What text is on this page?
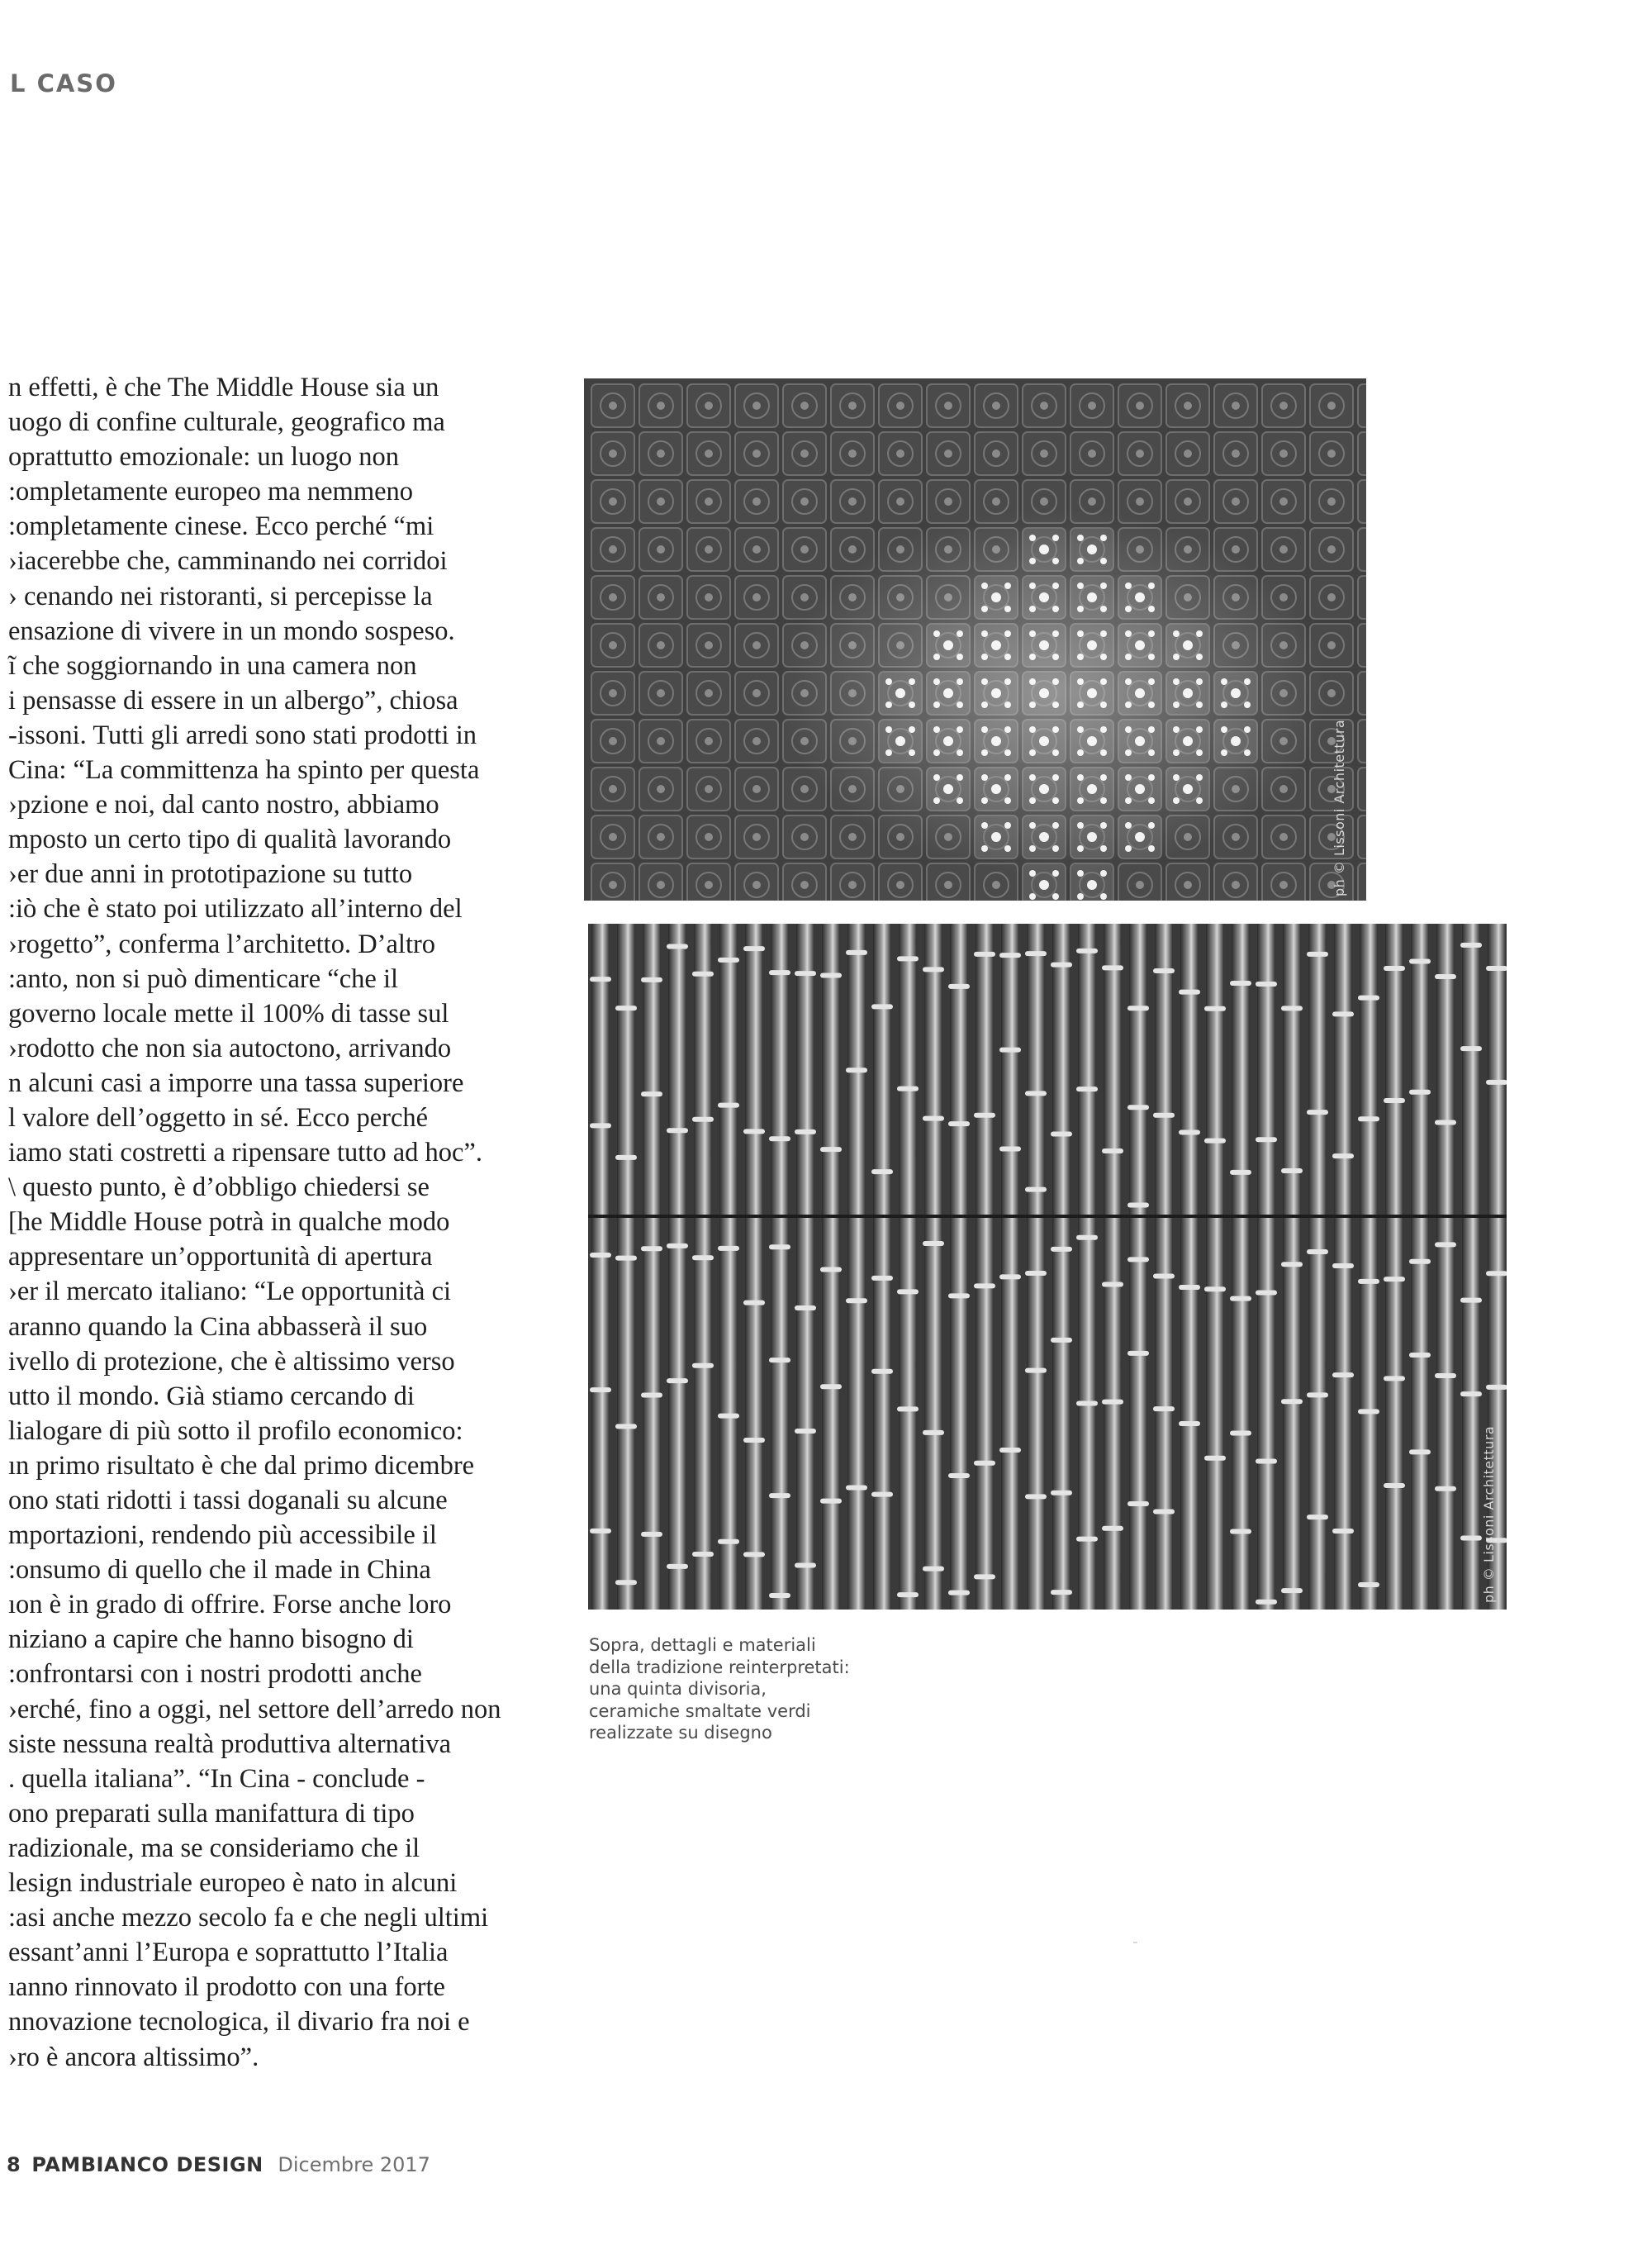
L CASO
n effetti, è che The Middle House sia un
uogo di confine culturale, geografico ma
oprattutto emozionale: un luogo non
:ompletamente europeo ma nemmeno
:ompletamente cinese. Ecco perché “mi
›iacerebbe che, camminando nei corridoi
› cenando nei ristoranti, si percepisse la
ensazione di vivere in un mondo sospeso.
ĩ che soggiornando in una camera non
i pensasse di essere in un albergo”, chiosa
-issoni. Tutti gli arredi sono stati prodotti in
Cina: “La committenza ha spinto per questa
›pzione e noi, dal canto nostro, abbiamo
mposto un certo tipo di qualità lavorando
›er due anni in prototipazione su tutto
:iò che è stato poi utilizzato all’interno del
›rogetto”, conferma l’architetto. D’altro
:anto, non si può dimenticare “che il
governo locale mette il 100% di tasse sul
›rodotto che non sia autoctono, arrivando
n alcuni casi a imporre una tassa superiore
l valore dell’oggetto in sé. Ecco perché
iamo stati costretti a ripensare tutto ad hoc”.
\ questo punto, è d’obbligo chiedersi se
[he Middle House potrà in qualche modo
appresentare un’opportunità di apertura
›er il mercato italiano: “Le opportunità ci
aranno quando la Cina abbasserà il suo
ivello di protezione, che è altissimo verso
utto il mondo. Già stiamo cercando di
lialogare di più sotto il profilo economico:
ın primo risultato è che dal primo dicembre
ono stati ridotti i tassi doganali su alcune
mportazioni, rendendo più accessibile il
:onsumo di quello che il made in China
ıon è in grado di offrire. Forse anche loro
niziano a capire che hanno bisogno di
:onfrontarsi con i nostri prodotti anche
›erché, fino a oggi, nel settore dell’arredo non
siste nessuna realtà produttiva alternativa
. quella italiana”. “In Cina - conclude -
ono preparati sulla manifattura di tipo
radizionale, ma se consideriamo che il
lesign industriale europeo è nato in alcuni
:asi anche mezzo secolo fa e che negli ultimi
essant’anni l’Europa e soprattutto l’Italia
ıanno rinnovato il prodotto con una forte
nnovazione tecnologica, il divario fra noi e
›ro è ancora altissimo”.
ph © Lissoni Architettura
ph © Lissoni Architettura

Sopra, dettagli e materiali
della tradizione reinterpretati:
una quinta divisoria,
ceramiche smaltate verdi
realizzate su disegno

8 PAMBIANCO DESIGN Dicembre 2017
